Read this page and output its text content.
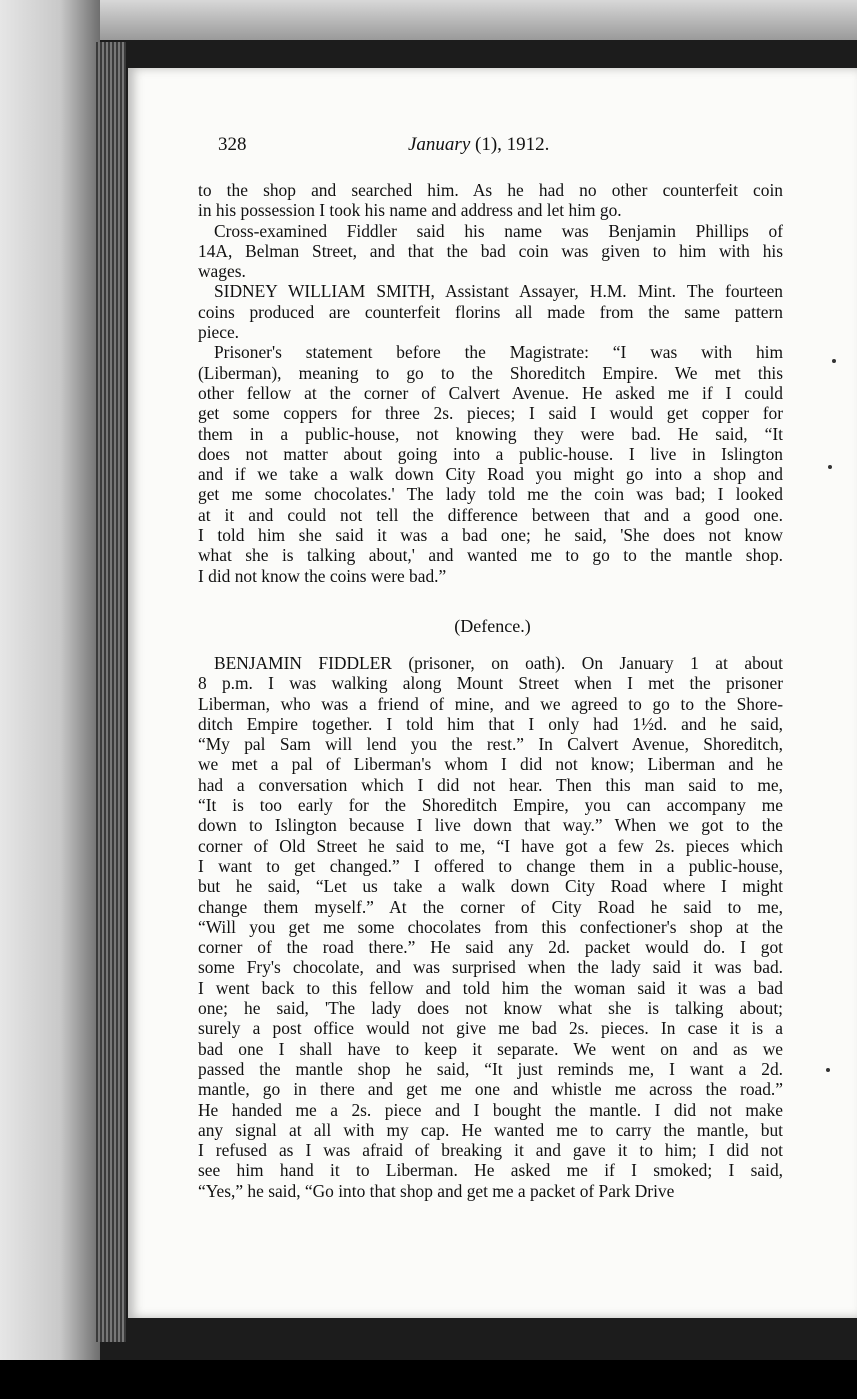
328	January (1), 1912.
to the shop and searched him. As he had no other counterfeit coin
in his possession I took his name and address and let him go.
Cross-examined Fiddler said his name was Benjamin Phillips of
14A, Belman Street, and that the bad coin was given to him with his
wages.
SIDNEY WILLIAM SMITH, Assistant Assayer, H.M. Mint. The fourteen
coins produced are counterfeit florins all made from the same pattern
piece.
Prisoner's statement before the Magistrate: “I was with him
(Liberman), meaning to go to the Shoreditch Empire. We met this
other fellow at the corner of Calvert Avenue. He asked me if I could
get some coppers for three 2s. pieces; I said I would get copper for
them in a public-house, not knowing they were bad. He said, “It
does not matter about going into a public-house. I live in Islington
and if we take a walk down City Road you might go into a shop and
get me some chocolates.' The lady told me the coin was bad; I looked
at it and could not tell the difference between that and a good one.
I told him she said it was a bad one; he said, 'She does not know
what she is talking about,' and wanted me to go to the mantle shop.
I did not know the coins were bad.”
(Defence.)
BENJAMIN FIDDLER (prisoner, on oath). On January 1 at about
8 p.m. I was walking along Mount Street when I met the prisoner
Liberman, who was a friend of mine, and we agreed to go to the Shore-
ditch Empire together. I told him that I only had 1½d. and he said,
“My pal Sam will lend you the rest.” In Calvert Avenue, Shoreditch,
we met a pal of Liberman's whom I did not know; Liberman and he
had a conversation which I did not hear. Then this man said to me,
“It is too early for the Shoreditch Empire, you can accompany me
down to Islington because I live down that way.” When we got to the
corner of Old Street he said to me, “I have got a few 2s. pieces which
I want to get changed.” I offered to change them in a public-house,
but he said, “Let us take a walk down City Road where I might
change them myself.” At the corner of City Road he said to me,
“Will you get me some chocolates from this confectioner's shop at the
corner of the road there.” He said any 2d. packet would do. I got
some Fry's chocolate, and was surprised when the lady said it was bad.
I went back to this fellow and told him the woman said it was a bad
one; he said, 'The lady does not know what she is talking about;
surely a post office would not give me bad 2s. pieces. In case it is a
bad one I shall have to keep it separate. We went on and as we
passed the mantle shop he said, “It just reminds me, I want a 2d.
mantle, go in there and get me one and whistle me across the road.”
He handed me a 2s. piece and I bought the mantle. I did not make
any signal at all with my cap. He wanted me to carry the mantle, but
I refused as I was afraid of breaking it and gave it to him; I did not
see him hand it to Liberman. He asked me if I smoked; I said,
“Yes,” he said, “Go into that shop and get me a packet of Park Drive
